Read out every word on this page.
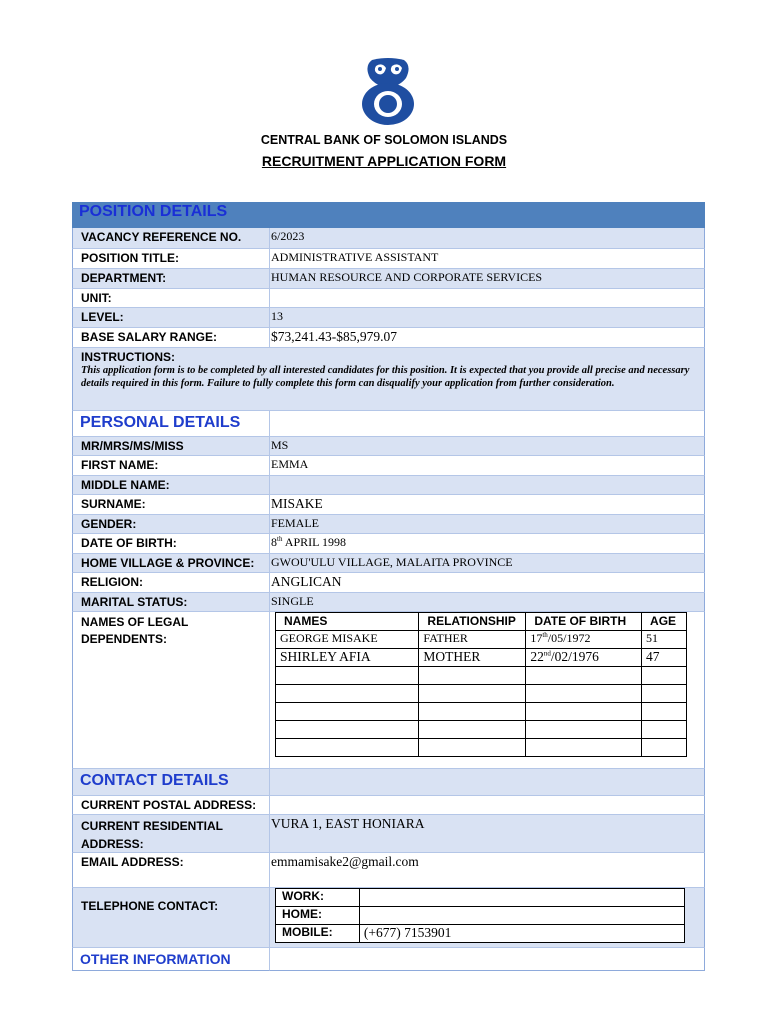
CENTRAL BANK OF SOLOMON ISLANDS
RECRUITMENT APPLICATION FORM
POSITION DETAILS
VACANCY REFERENCE NO.	6/2023
POSITION TITLE:	ADMINISTRATIVE ASSISTANT
DEPARTMENT:	HUMAN RESOURCE AND CORPORATE SERVICES
UNIT:
LEVEL:	13
BASE SALARY RANGE:	$73,241.43-$85,979.07
INSTRUCTIONS:
This application form is to be completed by all interested candidates for this position. It is expected that you provide all precise and necessary details required in this form. Failure to fully complete this form can disqualify your application from further consideration.
PERSONAL DETAILS
MR/MRS/MS/MISS	MS
FIRST NAME:	EMMA
MIDDLE NAME:
SURNAME:	MISAKE
GENDER:	FEMALE
DATE OF BIRTH:	8th APRIL 1998
HOME VILLAGE & PROVINCE:	GWOU'ULU VILLAGE, MALAITA PROVINCE
RELIGION:	ANGLICAN
MARITAL STATUS:	SINGLE
NAMES OF LEGAL DEPENDENTS:
NAMES	RELATIONSHIP	DATE OF BIRTH	AGE
GEORGE MISAKE	FATHER	17th/05/1972	51
SHIRLEY AFIA	MOTHER	22nd/02/1976	47

CONTACT DETAILS
CURRENT POSTAL ADDRESS:
CURRENT RESIDENTIAL ADDRESS:
VURA 1, EAST HONIARA
EMAIL ADDRESS:	emmamisake2@gmail.com
TELEPHONE CONTACT:
WORK:	
HOME:	
MOBILE:	(+677) 7153901
OTHER INFORMATION
